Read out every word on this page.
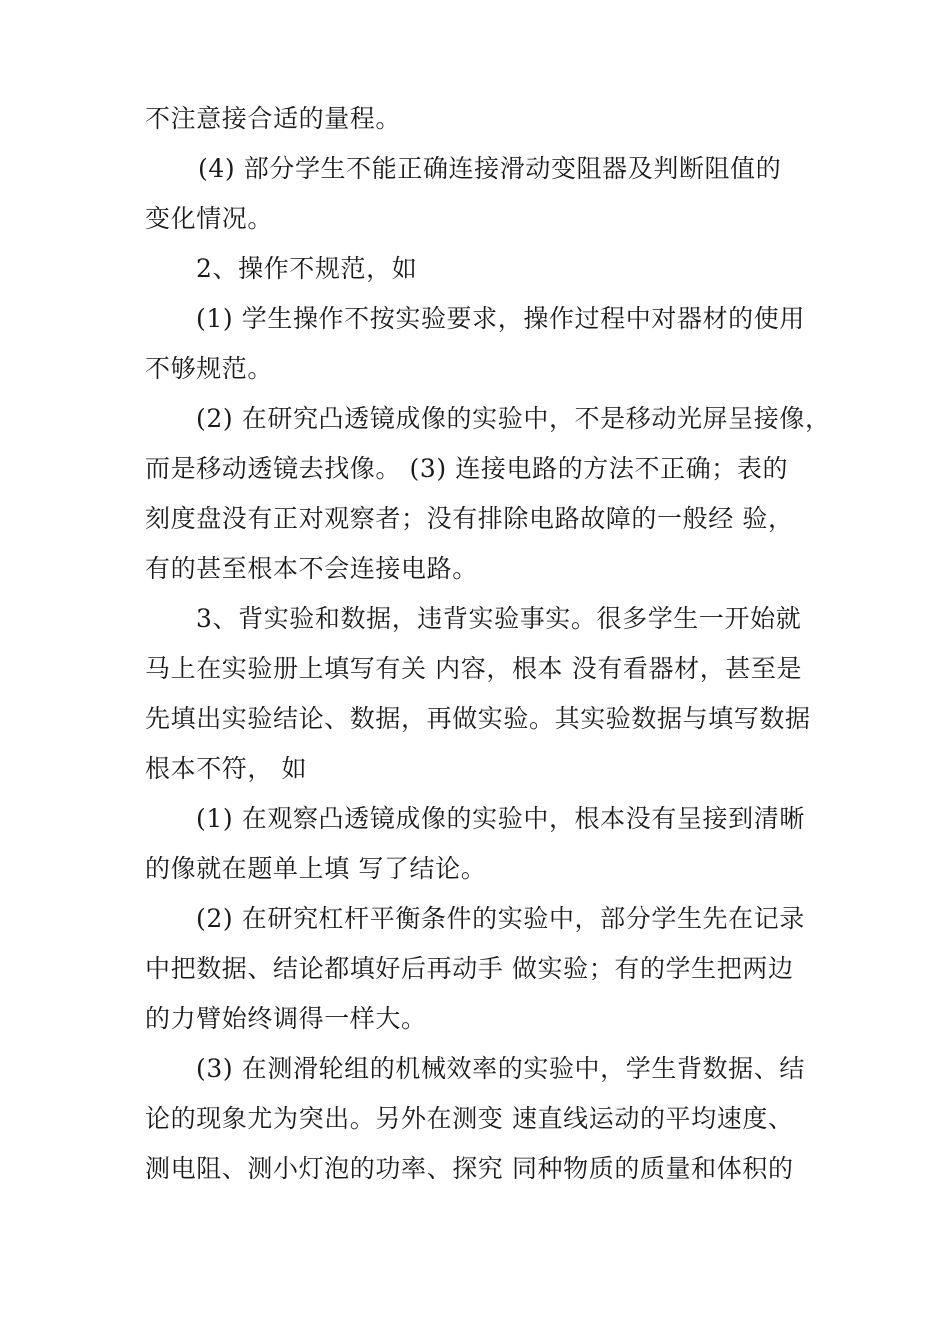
不注意接合适的量程。
(4) 部分学生不能正确连接滑动变阻器及判断阻值的
变化情况。
2、操作不规范，如
(1) 学生操作不按实验要求，操作过程中对器材的使用
不够规范。
(2) 在研究凸透镜成像的实验中，不是移动光屏呈接像，
而是移动透镜去找像。 (3) 连接电路的方法不正确；表的
刻度盘没有正对观察者；没有排除电路故障的一般经 验，
有的甚至根本不会连接电路。
3、背实验和数据，违背实验事实。很多学生一开始就
马上在实验册上填写有关 内容，根本 没有看器材，甚至是
先填出实验结论、数据，再做实验。其实验数据与填写数据
根本不符， 如
(1) 在观察凸透镜成像的实验中，根本没有呈接到清晰
的像就在题单上填 写了结论。
(2) 在研究杠杆平衡条件的实验中，部分学生先在记录
中把数据、结论都填好后再动手 做实验；有的学生把两边
的力臂始终调得一样大。
(3) 在测滑轮组的机械效率的实验中，学生背数据、结
论的现象尤为突出。另外在测变 速直线运动的平均速度、
测电阻、测小灯泡的功率、探究 同种物质的质量和体积的
